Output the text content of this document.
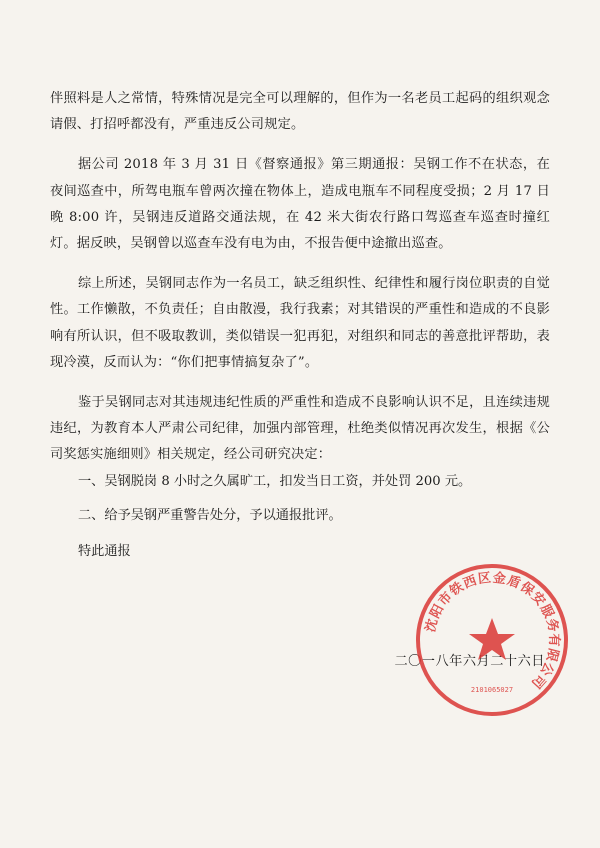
伴照料是人之常情，特殊情况是完全可以理解的，但作为一名老员工起码的组织观念请假、打招呼都没有，严重违反公司规定。

据公司 2018 年 3 月 31 日《督察通报》第三期通报：吴钢工作不在状态，在夜间巡查中，所驾电瓶车曾两次撞在物体上，造成电瓶车不同程度受损；2 月 17 日晚 8:00 许，吴钢违反道路交通法规，在 42 米大街农行路口驾巡查车巡查时撞红灯。据反映，吴钢曾以巡查车没有电为由，不报告便中途撤出巡查。

综上所述，吴钢同志作为一名员工，缺乏组织性、纪律性和履行岗位职责的自觉性。工作懒散，不负责任；自由散漫，我行我素；对其错误的严重性和造成的不良影响有所认识，但不吸取教训，类似错误一犯再犯，对组织和同志的善意批评帮助，表现冷漠，反而认为：“你们把事情搞复杂了”。

鉴于吴钢同志对其违规违纪性质的严重性和造成不良影响认识不足，且连续违规违纪，为教育本人严肃公司纪律，加强内部管理，杜绝类似情况再次发生，根据《公司奖惩实施细则》相关规定，经公司研究决定：

一、吴钢脱岗 8 小时之久属旷工，扣发当日工资，并处罚 200 元。

二、给予吴钢严重警告处分，予以通报批评。

特此通报

二〇一八年六月二十六日
沈阳市铁西区金盾保安服务有限公司
2101065027
